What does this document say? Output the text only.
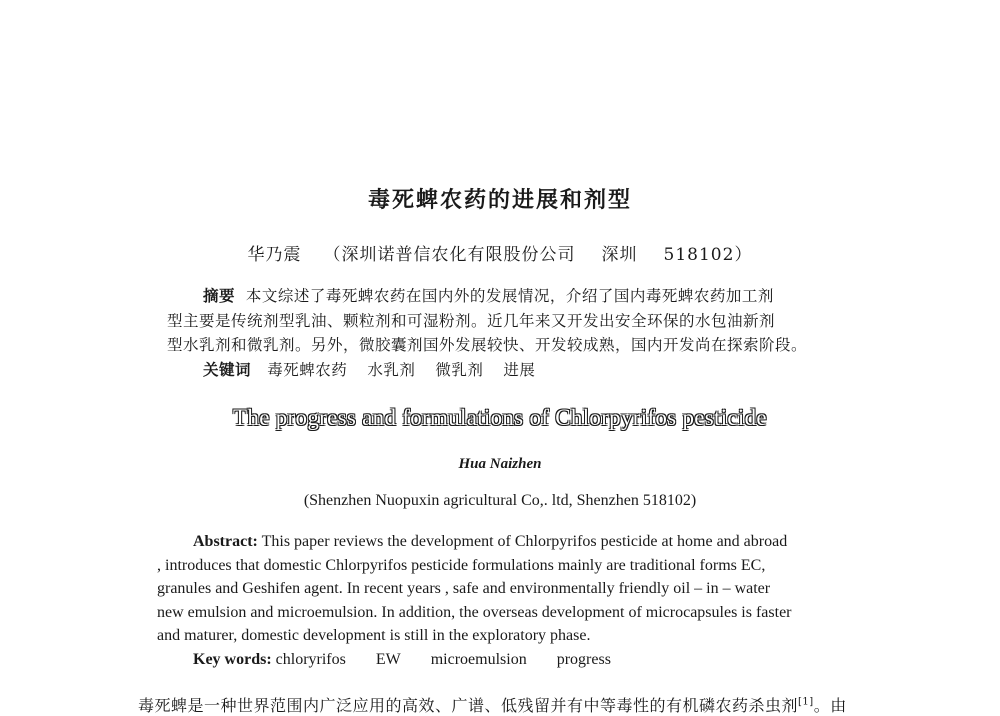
毒死蜱农药的进展和剂型
华乃震 （深圳诺普信农化有限股份公司 深圳 518102）

摘要 本文综述了毒死蜱农药在国内外的发展情况，介绍了国内毒死蜱农药加工剂

型主要是传统剂型乳油、颗粒剂和可湿粉剂。近几年来又开发出安全环保的水包油新剂

型水乳剂和微乳剂。另外，微胶囊剂国外发展较快、开发较成熟，国内开发尚在探索阶段。

关键词 毒死蜱农药 水乳剂 微乳剂 进展

The progress and formulations of Chlorpyrifos pesticide
Hua Naizhen
(Shenzhen Nuopuxin agricultural Co,. ltd, Shenzhen 518102)

Abstract: This paper reviews the development of Chlorpyrifos pesticide at home and abroad

, introduces that domestic Chlorpyrifos pesticide formulations mainly are traditional forms EC,

granules and Geshifen agent. In recent years , safe and environmentally friendly oil – in – water

new emulsion and microemulsion. In addition, the overseas development of microcapsules is faster

and maturer, domestic development is still in the exploratory phase.

Key words: chloryrifos EW microemulsion progress

毒死蜱是一种世界范围内广泛应用的高效、广谱、低残留并有中等毒性的有机磷农药杀虫剂[1]。由
